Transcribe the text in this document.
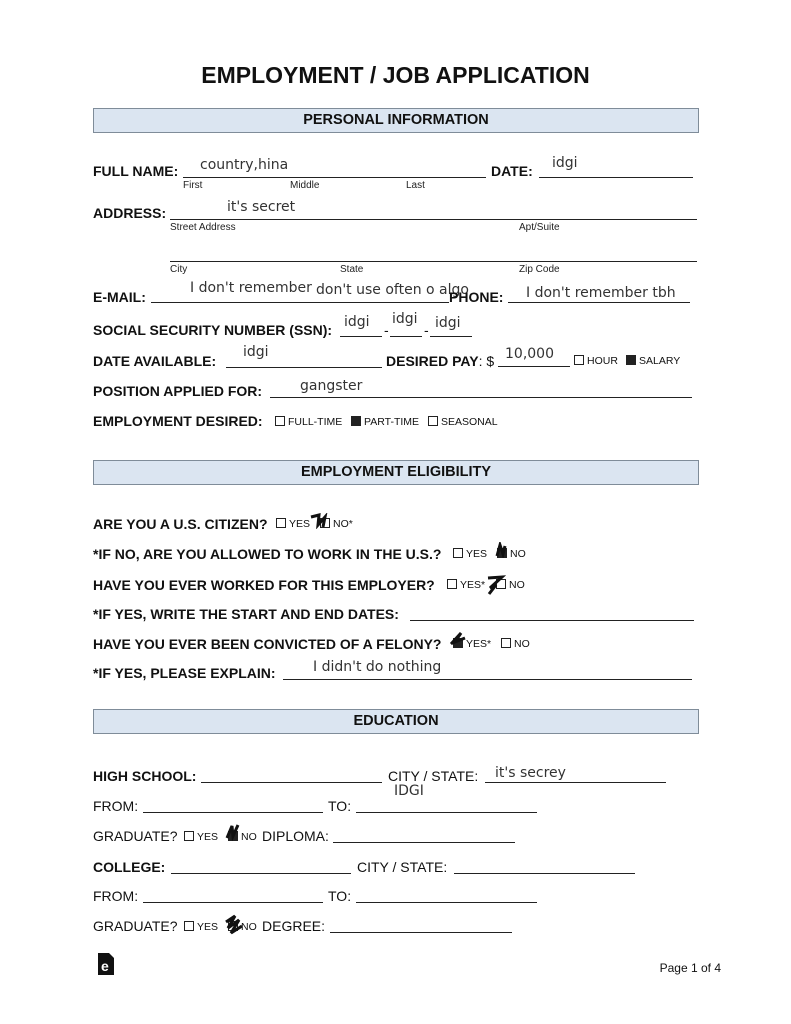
EMPLOYMENT / JOB APPLICATION
PERSONAL INFORMATION
FULL NAME: country,hina
First	Middle	Last
DATE: idgi
ADDRESS:	it's secret
Street Address	Apt/Suite
City	State	Zip Code
E-MAIL:
I don't remember don't use often o algo
PHONE: I don't remember tbh
SOCIAL SECURITY NUMBER (SSN): idgi -
idgi
- idgi
DATE AVAILABLE:
idgi
DESIRED PAY: $ 10,000	HOUR	SALARY
POSITION APPLIED FOR:	gangster
EMPLOYMENT DESIRED:	FULL-TIME	PART-TIME	SEASONAL
EMPLOYMENT ELIGIBILITY
ARE YOU A U.S. CITIZEN?	YES	NO*
*IF NO, ARE YOU ALLOWED TO WORK IN THE U.S.?	YES	NO
HAVE YOU EVER WORKED FOR THIS EMPLOYER?	YES*	NO
*IF YES, WRITE THE START AND END DATES:
HAVE YOU EVER BEEN CONVICTED OF A FELONY?	YES*	NO
*IF YES, PLEASE EXPLAIN:	I didn't do nothing
EDUCATION
HIGH SCHOOL:	CITY / STATE: it's secrey
FROM:	TO:
IDGI
GRADUATE?	YES	NO DIPLOMA:
COLLEGE:	CITY / STATE:
FROM:	TO:
GRADUATE?	YES	NO DEGREE:
e	Page 1 of 4
